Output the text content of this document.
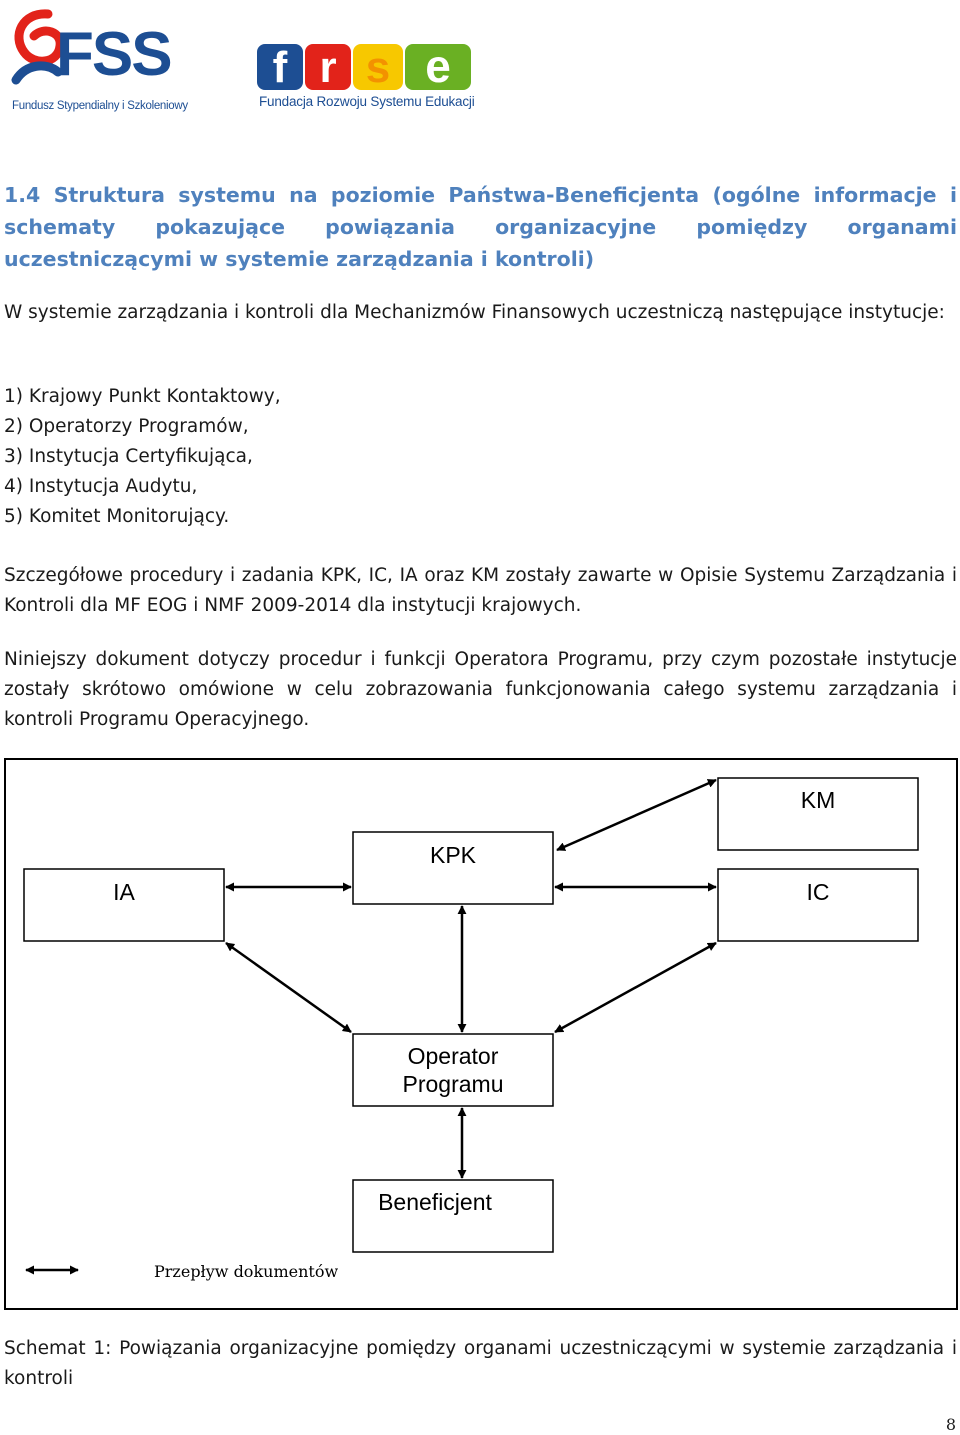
FSS
Fundusz Stypendialny i Szkoleniowy
f r s e
Fundacja Rozwoju Systemu Edukacji

1.4 Struktura systemu na poziomie Państwa-Beneficjenta (ogólne informacje i schematy pokazujące powiązania organizacyjne pomiędzy organami uczestniczącymi w systemie zarządzania i kontroli)

W systemie zarządzania i kontroli dla Mechanizmów Finansowych uczestniczą następujące instytucje:

1) Krajowy Punkt Kontaktowy,
2) Operatorzy Programów,
3) Instytucja Certyfikująca,
4) Instytucja Audytu,
5) Komitet Monitorujący.

Szczegółowe procedury i zadania KPK, IC, IA oraz KM zostały zawarte w Opisie Systemu Zarządzania i Kontroli dla MF EOG i NMF 2009-2014 dla instytucji krajowych.

Niniejszy dokument dotyczy procedur i funkcji Operatora Programu, przy czym pozostałe instytucje zostały skrótowo omówione w celu zobrazowania funkcjonowania całego systemu zarządzania i kontroli Programu Operacyjnego.

KM
KPK
IA	IC
Operator
Programu
Beneficjent
Przepływ dokumentów

Schemat 1: Powiązania organizacyjne pomiędzy organami uczestniczącymi w systemie zarządzania i kontroli

8
